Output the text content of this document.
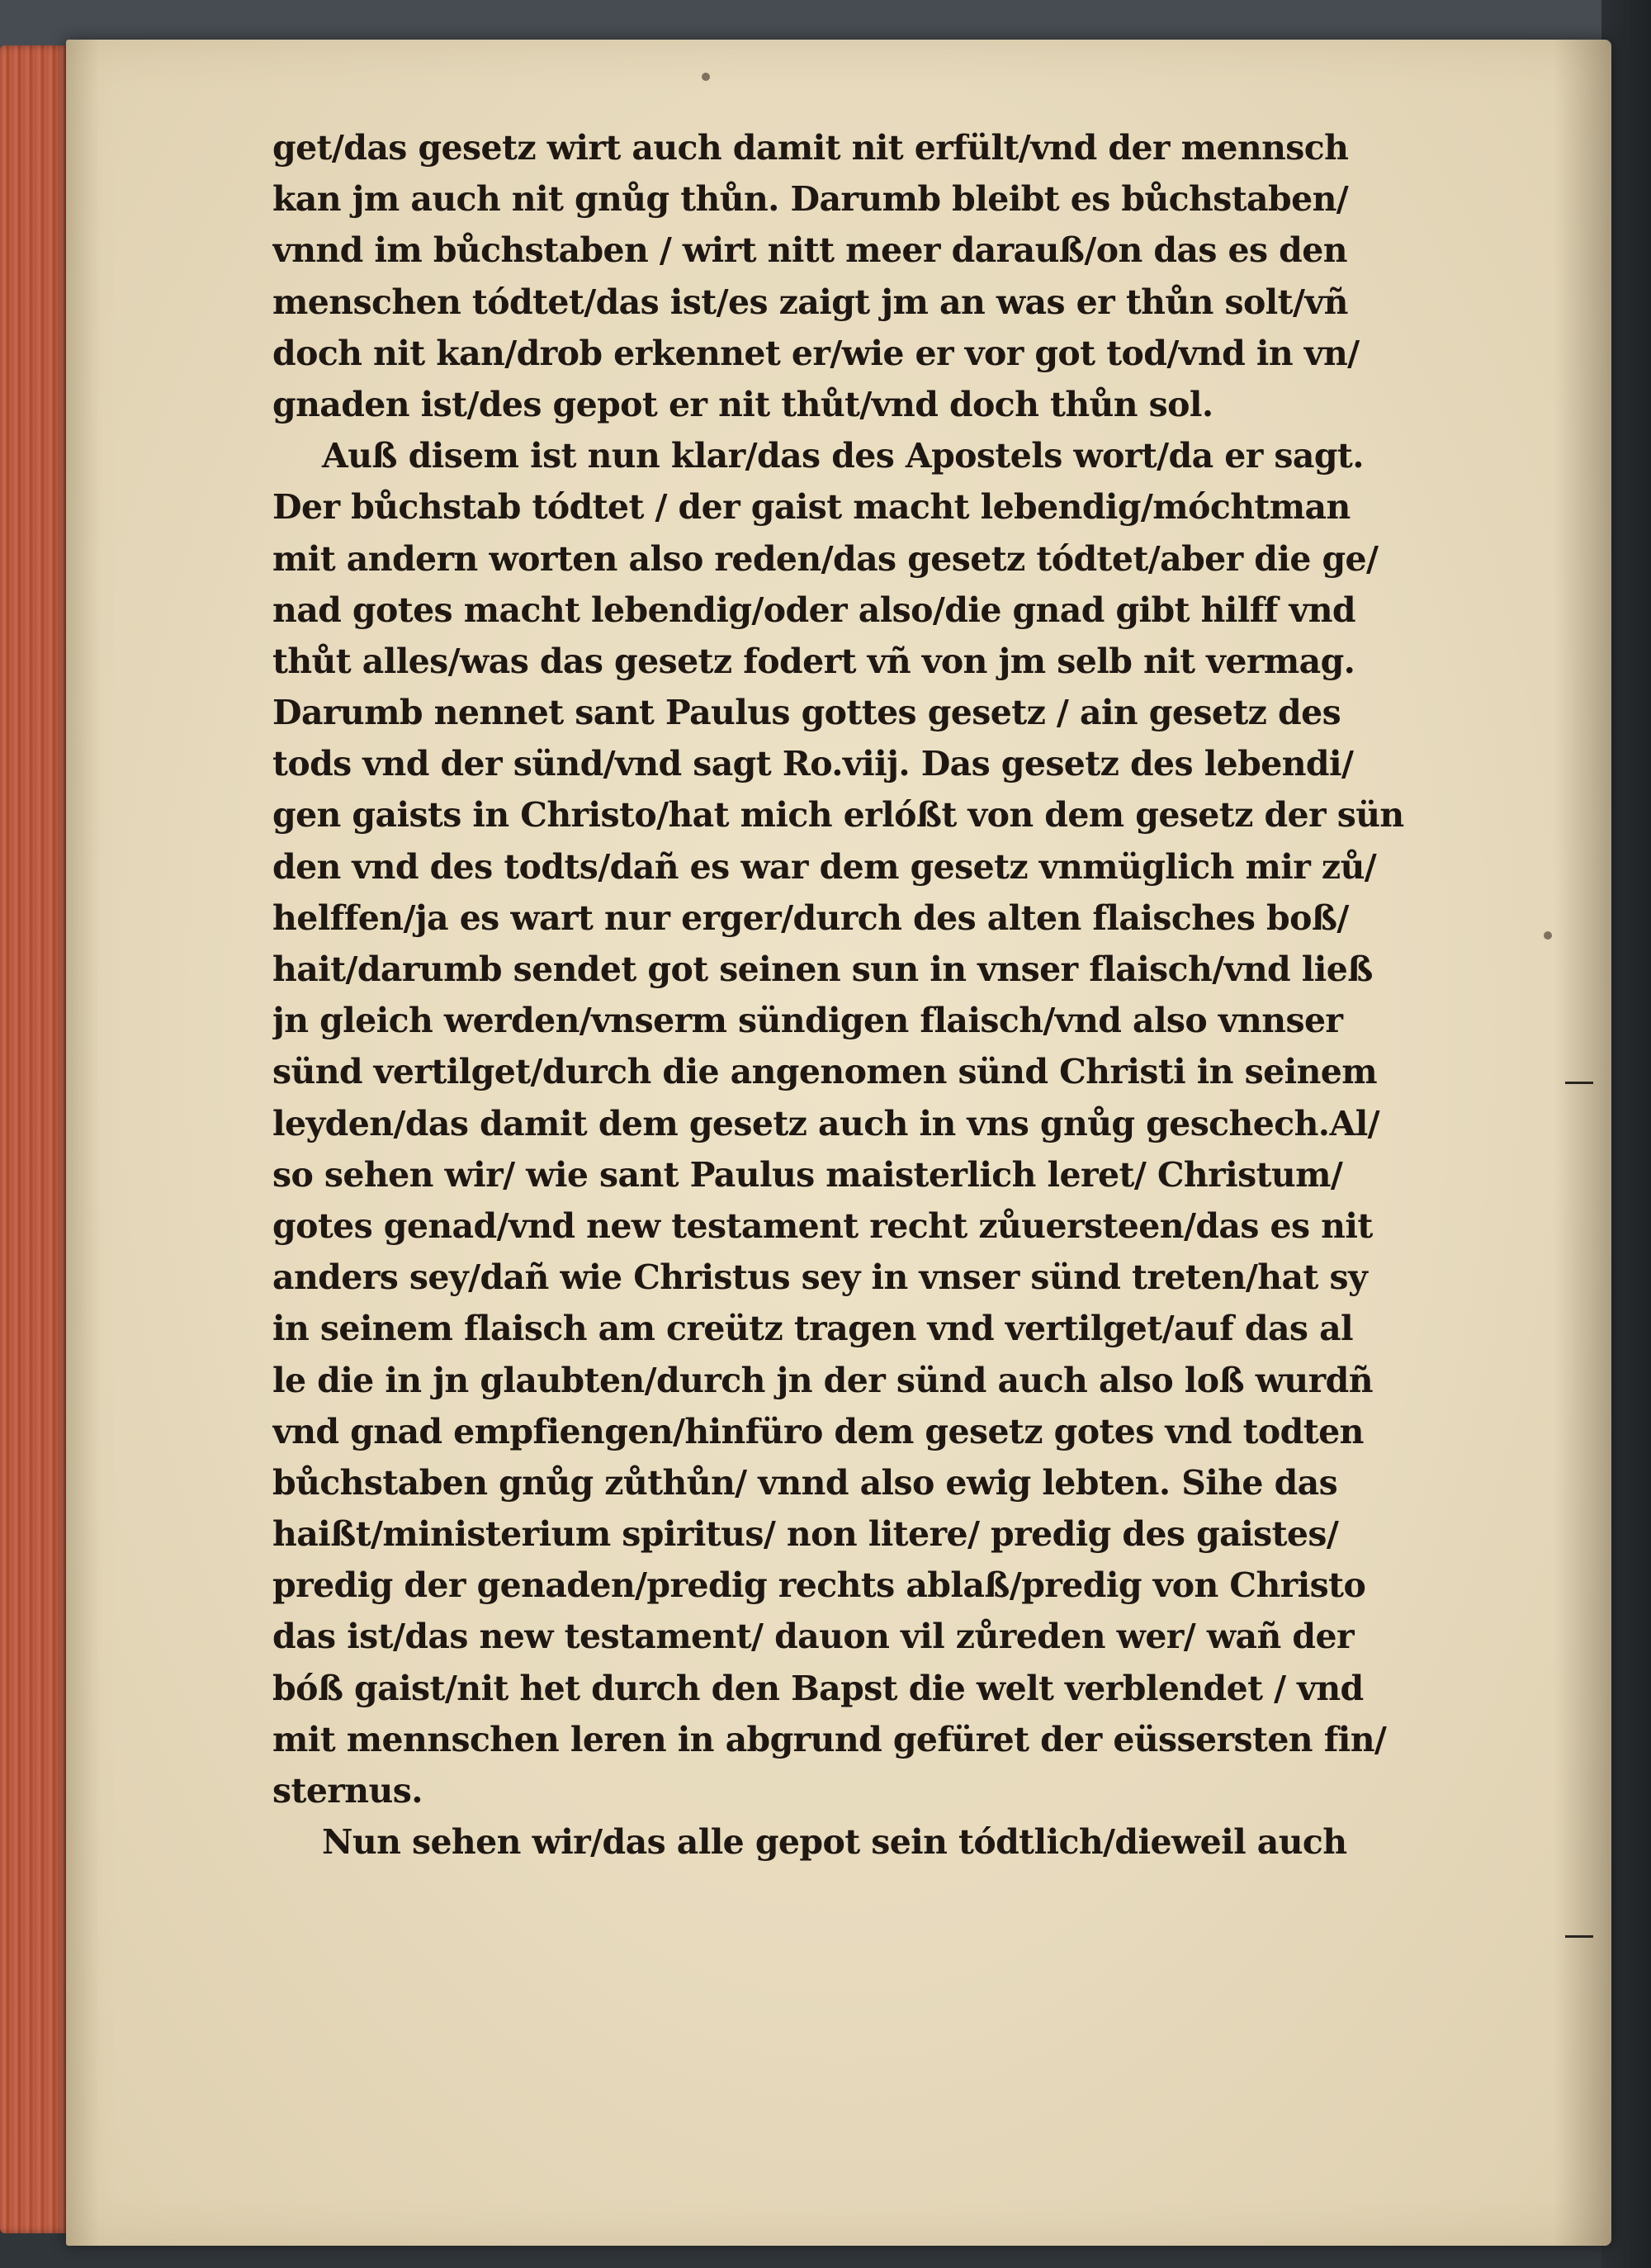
get/das gesetz wirt auch damit nit erfült/vnd der mennsch
kan jm auch nit gnůg thůn. Darumb bleibt es bůchstaben/
vnnd im bůchstaben / wirt nitt meer darauß/on das es den
menschen tódtet/das ist/es zaigt jm an was er thůn solt/vñ
doch nit kan/drob erkennet er/wie er vor got tod/vnd in vn/
gnaden ist/des gepot er nit thůt/vnd doch thůn sol.
Auß disem ist nun klar/das des Apostels wort/da er sagt.
Der bůchstab tódtet / der gaist macht lebendig/móchtman
mit andern worten also reden/das gesetz tódtet/aber die ge/
nad gotes macht lebendig/oder also/die gnad gibt hilff vnd
thůt alles/was das gesetz fodert vñ von jm selb nit vermag.
Darumb nennet sant Paulus gottes gesetz / ain gesetz des
tods vnd der sünd/vnd sagt Ro.viij. Das gesetz des lebendi/
gen gaists in Christo/hat mich erlóßt von dem gesetz der sün
den vnd des todts/dañ es war dem gesetz vnmüglich mir zů/
helffen/ja es wart nur erger/durch des alten flaisches boß/
hait/darumb sendet got seinen sun in vnser flaisch/vnd ließ
jn gleich werden/vnserm sündigen flaisch/vnd also vnnser
sünd vertilget/durch die angenomen sünd Christi in seinem
leyden/das damit dem gesetz auch in vns gnůg geschech.Al/
so sehen wir/ wie sant Paulus maisterlich leret/ Christum/
gotes genad/vnd new testament recht zůuersteen/das es nit
anders sey/dañ wie Christus sey in vnser sünd treten/hat sy
in seinem flaisch am creütz tragen vnd vertilget/auf das al
le die in jn glaubten/durch jn der sünd auch also loß wurdñ
vnd gnad empfiengen/hinfüro dem gesetz gotes vnd todten
bůchstaben gnůg zůthůn/ vnnd also ewig lebten. Sihe das
haißt/ministerium spiritus/ non litere/ predig des gaistes/
predig der genaden/predig rechts ablaß/predig von Christo
das ist/das new testament/ dauon vil zůreden wer/ wañ der
bóß gaist/nit het durch den Bapst die welt verblendet / vnd
mit mennschen leren in abgrund gefüret der eüssersten fin/
sternus.
Nun sehen wir/das alle gepot sein tódtlich/dieweil auch
